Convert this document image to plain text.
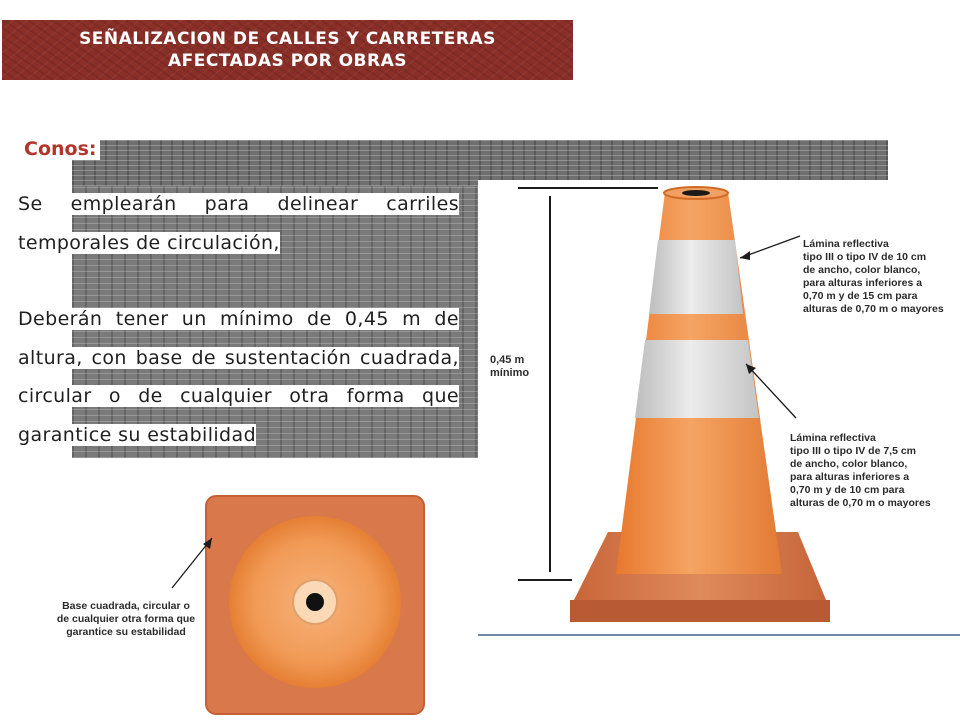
SEÑALIZACION DE CALLES Y CARRETERAS
AFECTADAS POR OBRAS
Conos:

Se emplearán para delinear carriles temporales de circulación,

Deberán tener un mínimo de 0,45 m de altura, con base de sustentación cuadrada, circular o de cualquier otra forma que garantice su estabilidad

0,45 m
mínimo
Lámina reflectiva
tipo III o tipo IV de 10 cm
de ancho, color blanco,
para alturas inferiores a
0,70 m y de 15 cm para
alturas de 0,70 m o mayores
Lámina reflectiva
tipo III o tipo IV de 7,5 cm
de ancho, color blanco,
para alturas inferiores a
0,70 m y de 10 cm para
alturas de 0,70 m o mayores
Base cuadrada, circular o
de cualquier otra forma que
garantice su estabilidad
